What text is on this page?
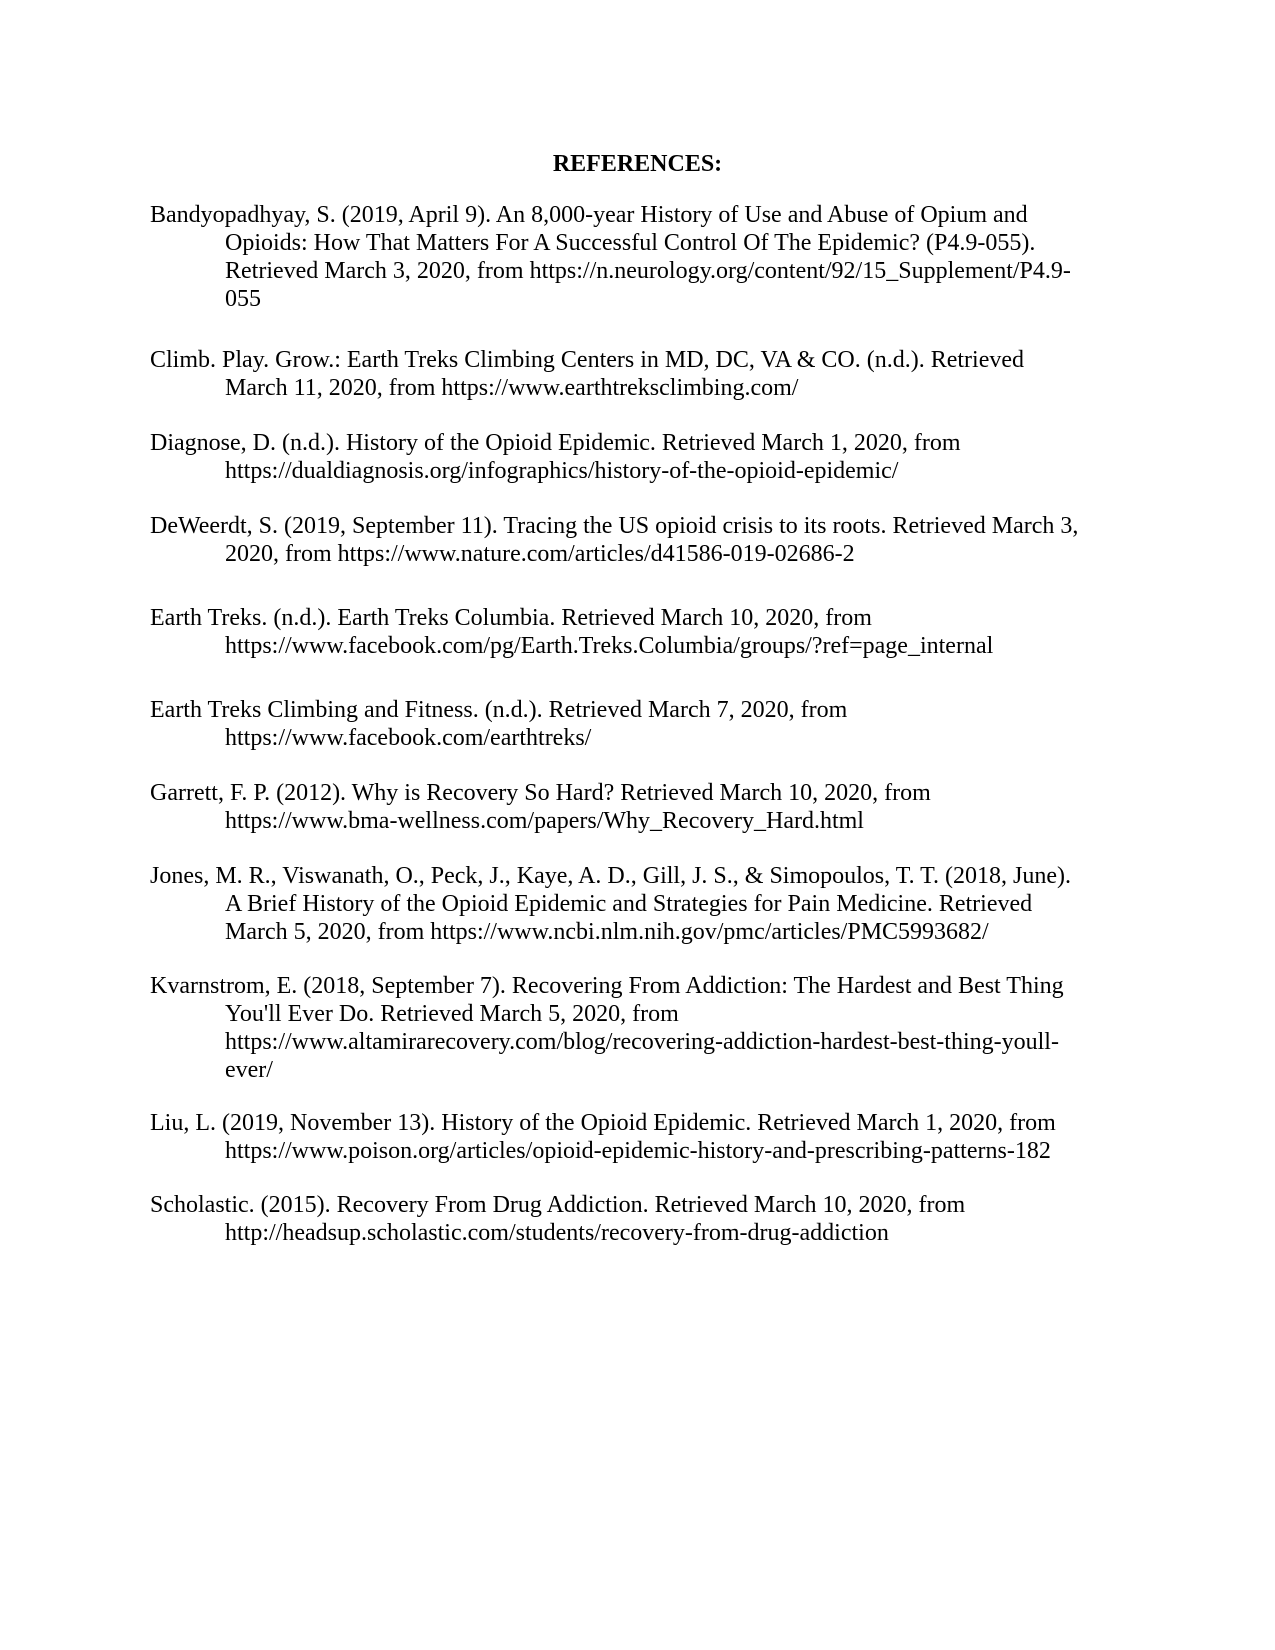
REFERENCES:
Bandyopadhyay, S. (2019, April 9). An 8,000-year History of Use and Abuse of Opium and
Opioids: How That Matters For A Successful Control Of The Epidemic? (P4.9-055).
Retrieved March 3, 2020, from https://n.neurology.org/content/92/15_Supplement/P4.9-
055
Climb. Play. Grow.: Earth Treks Climbing Centers in MD, DC, VA & CO. (n.d.). Retrieved
March 11, 2020, from https://www.earthtreksclimbing.com/
Diagnose, D. (n.d.). History of the Opioid Epidemic. Retrieved March 1, 2020, from
https://dualdiagnosis.org/infographics/history-of-the-opioid-epidemic/
DeWeerdt, S. (2019, September 11). Tracing the US opioid crisis to its roots. Retrieved March 3,
2020, from https://www.nature.com/articles/d41586-019-02686-2
Earth Treks. (n.d.). Earth Treks Columbia. Retrieved March 10, 2020, from
https://www.facebook.com/pg/Earth.Treks.Columbia/groups/?ref=page_internal
Earth Treks Climbing and Fitness. (n.d.). Retrieved March 7, 2020, from
https://www.facebook.com/earthtreks/
Garrett, F. P. (2012). Why is Recovery So Hard? Retrieved March 10, 2020, from
https://www.bma-wellness.com/papers/Why_Recovery_Hard.html
Jones, M. R., Viswanath, O., Peck, J., Kaye, A. D., Gill, J. S., & Simopoulos, T. T. (2018, June).
A Brief History of the Opioid Epidemic and Strategies for Pain Medicine. Retrieved
March 5, 2020, from https://www.ncbi.nlm.nih.gov/pmc/articles/PMC5993682/
Kvarnstrom, E. (2018, September 7). Recovering From Addiction: The Hardest and Best Thing
You'll Ever Do. Retrieved March 5, 2020, from
https://www.altamirarecovery.com/blog/recovering-addiction-hardest-best-thing-youll-
ever/
Liu, L. (2019, November 13). History of the Opioid Epidemic. Retrieved March 1, 2020, from
https://www.poison.org/articles/opioid-epidemic-history-and-prescribing-patterns-182
Scholastic. (2015). Recovery From Drug Addiction. Retrieved March 10, 2020, from
http://headsup.scholastic.com/students/recovery-from-drug-addiction
